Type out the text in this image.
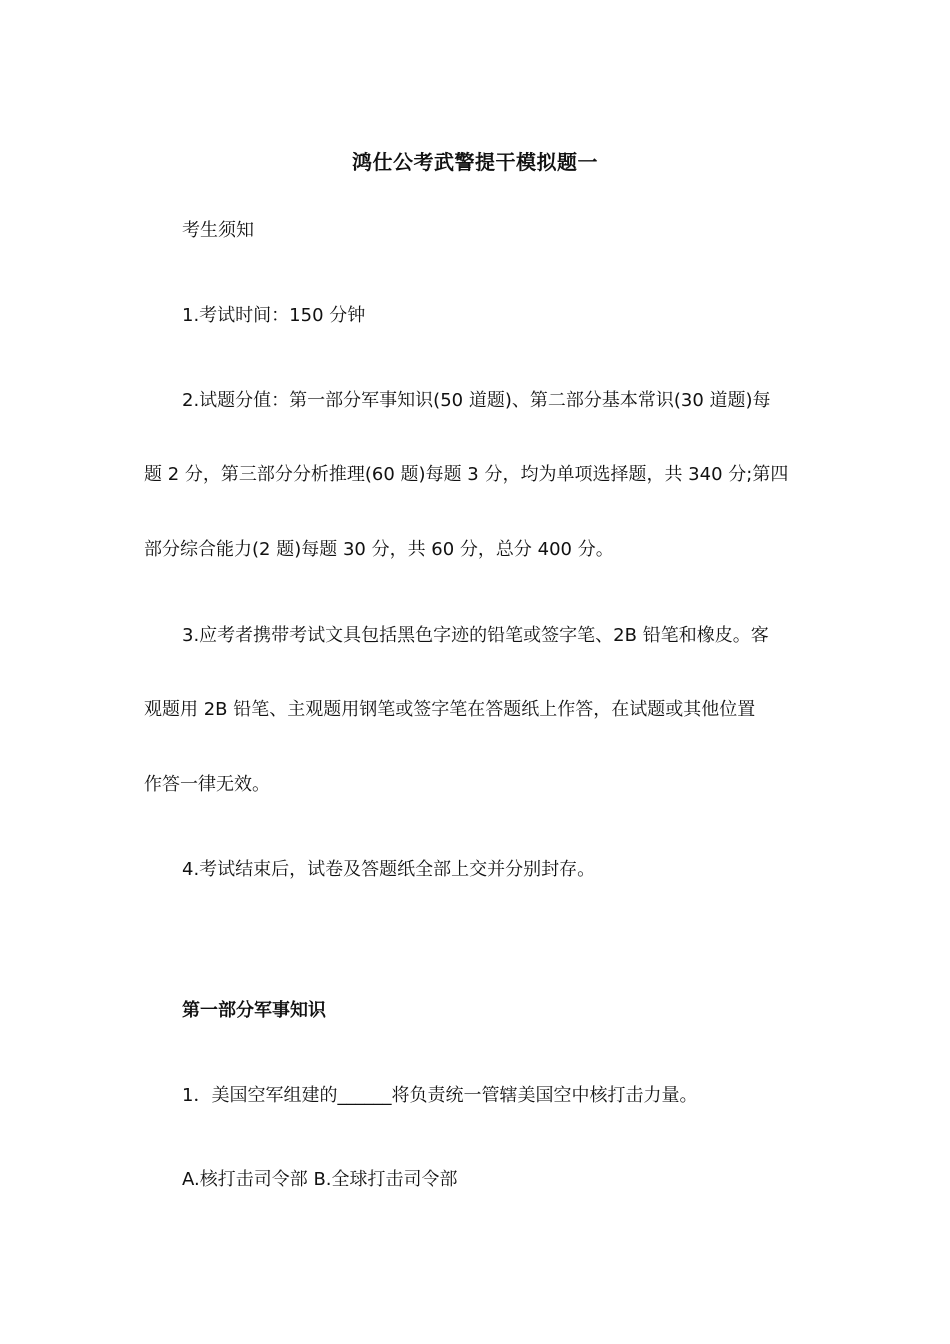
鸿仕公考武警提干模拟题一
考生须知
1.考试时间：150 分钟
2.试题分值：第一部分军事知识(50 道题)、第二部分基本常识(30 道题)每
题 2 分，第三部分分析推理(60 题)每题 3 分，均为单项选择题，共 340 分;第四
部分综合能力(2 题)每题 30 分，共 60 分，总分 400 分。
3.应考者携带考试文具包括黑色字迹的铅笔或签字笔、2B 铅笔和橡皮。客
观题用 2B 铅笔、主观题用钢笔或签字笔在答题纸上作答，在试题或其他位置
作答一律无效。
4.考试结束后，试卷及答题纸全部上交并分别封存。
第一部分军事知识
1．美国空军组建的______将负责统一管辖美国空中核打击力量。
A.核打击司令部 B.全球打击司令部
